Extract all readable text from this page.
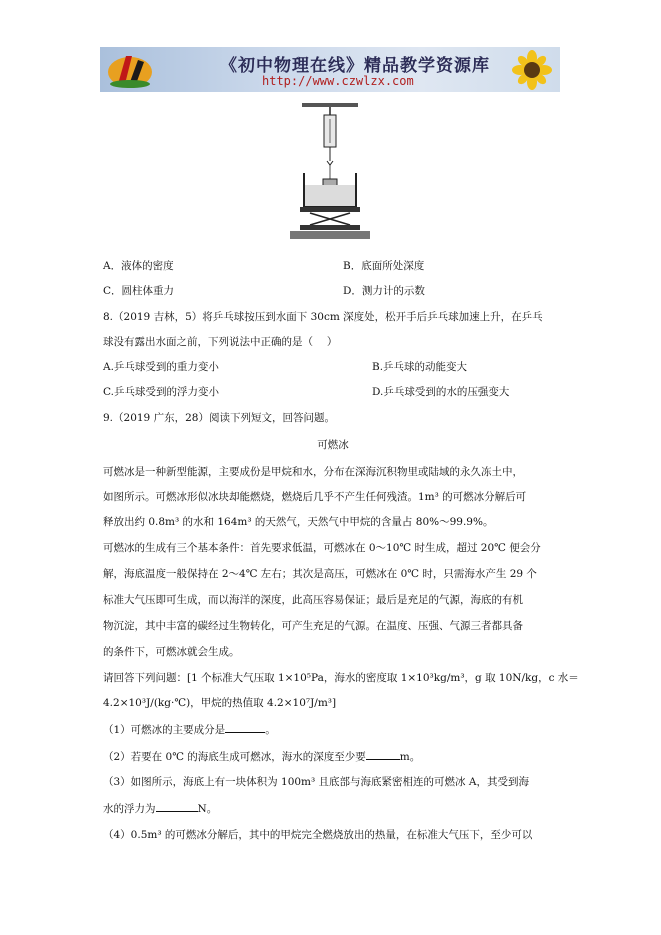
《初中物理在线》精品教学资源库
http://www.czwlzx.com
A．液体的密度	B．底面所处深度
C．圆柱体重力	D．测力计的示数
8.（2019 吉林，5）将乒乓球按压到水面下 30cm 深度处，松开手后乒乓球加速上升，在乒乓
球没有露出水面之前，下列说法中正确的是（　 ）
A.乒乓球受到的重力变小	B.乒乓球的动能变大
C.乒乓球受到的浮力变小	D.乒乓球受到的水的压强变大
9.（2019 广东，28）阅读下列短文，回答问题。
可燃冰
可燃冰是一种新型能源，主要成份是甲烷和水，分布在深海沉积物里或陆域的永久冻土中，
如图所示。可燃冰形似冰块却能燃烧，燃烧后几乎不产生任何残渣。1m³ 的可燃冰分解后可
释放出约 0.8m³ 的水和 164m³ 的天然气，天然气中甲烷的含量占 80%～99.9%。
可燃冰的生成有三个基本条件：首先要求低温，可燃冰在 0～10℃ 时生成，超过 20℃ 便会分
解，海底温度一般保持在 2～4℃ 左右；其次是高压，可燃冰在 0℃ 时，只需海水产生 29 个
标准大气压即可生成，而以海洋的深度，此高压容易保证；最后是充足的气源，海底的有机
物沉淀，其中丰富的碳经过生物转化，可产生充足的气源。在温度、压强、气源三者都具备
的条件下，可燃冰就会生成。
请回答下列问题：[1 个标准大气压取 1×10⁵Pa，海水的密度取 1×10³kg/m³，g 取 10N/kg，c 水＝
4.2×10³J/(kg·℃)，甲烷的热值取 4.2×10⁷J/m³]
（1）可燃冰的主要成分是	。
（2）若要在 0℃ 的海底生成可燃冰，海水的深度至少要	m。
（3）如图所示，海底上有一块体积为 100m³ 且底部与海底紧密相连的可燃冰 A，其受到海
水的浮力为	N。
（4）0.5m³ 的可燃冰分解后，其中的甲烷完全燃烧放出的热量，在标准大气压下，至少可以
